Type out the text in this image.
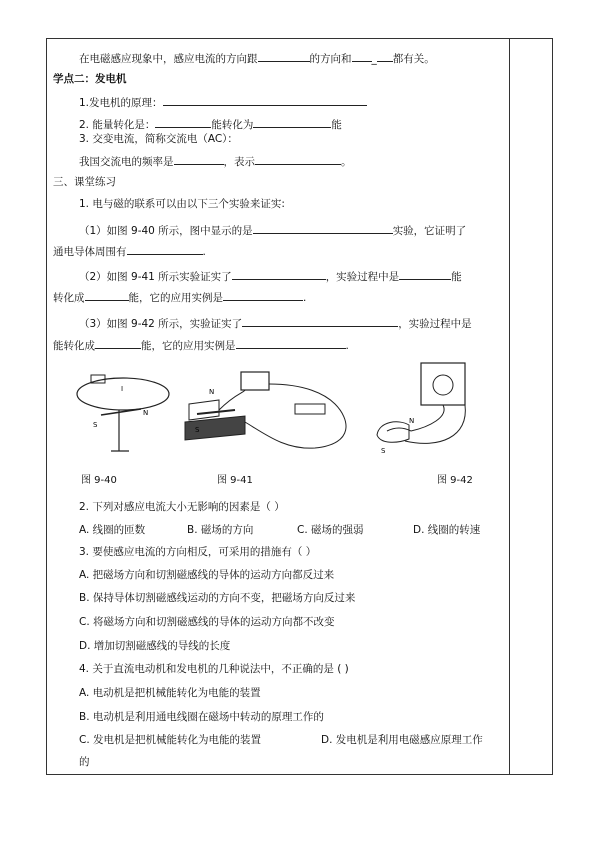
在电磁感应现象中，感应电流的方向跟	的方向和 _ 都有关。
学点二：发电机
1.发电机的原理：
2. 能量转化是：	能转化为	能
3. 交变电流，简称交流电（AC）：
我国交流电的频率是	，表示	。
三、课堂练习
1. 电与磁的联系可以由以下三个实验来证实:
（1）如图 9-40 所示，图中显示的是	实验，它证明了
通电导体周围有	.
（2）如图 9-41 所示实验证实了	，实验过程中是	能
转化成	能，它的应用实例是	.
（3）如图 9-42 所示，实验证实了	，实验过程中是
能转化成	能，它的应用实例是	.
I
S
N
N
S
N
S
图 9-40	图 9-41	图 9-42
2. 下列对感应电流大小无影响的因素是（ ）
A. 线圈的匝数	B. 磁场的方向	C. 磁场的强弱	D. 线圈的转速
3. 要使感应电流的方向相反，可采用的措施有（ ）
A. 把磁场方向和切割磁感线的导体的运动方向都反过来
B. 保持导体切割磁感线运动的方向不变，把磁场方向反过来
C. 将磁场方向和切割磁感线的导体的运动方向都不改变
D. 增加切割磁感线的导线的长度
4. 关于直流电动机和发电机的几种说法中，不正确的是 ( )
A. 电动机是把机械能转化为电能的装置
B. 电动机是利用通电线圈在磁场中转动的原理工作的
C. 发电机是把机械能转化为电能的装置	D. 发电机是利用电磁感应原理工作
的
